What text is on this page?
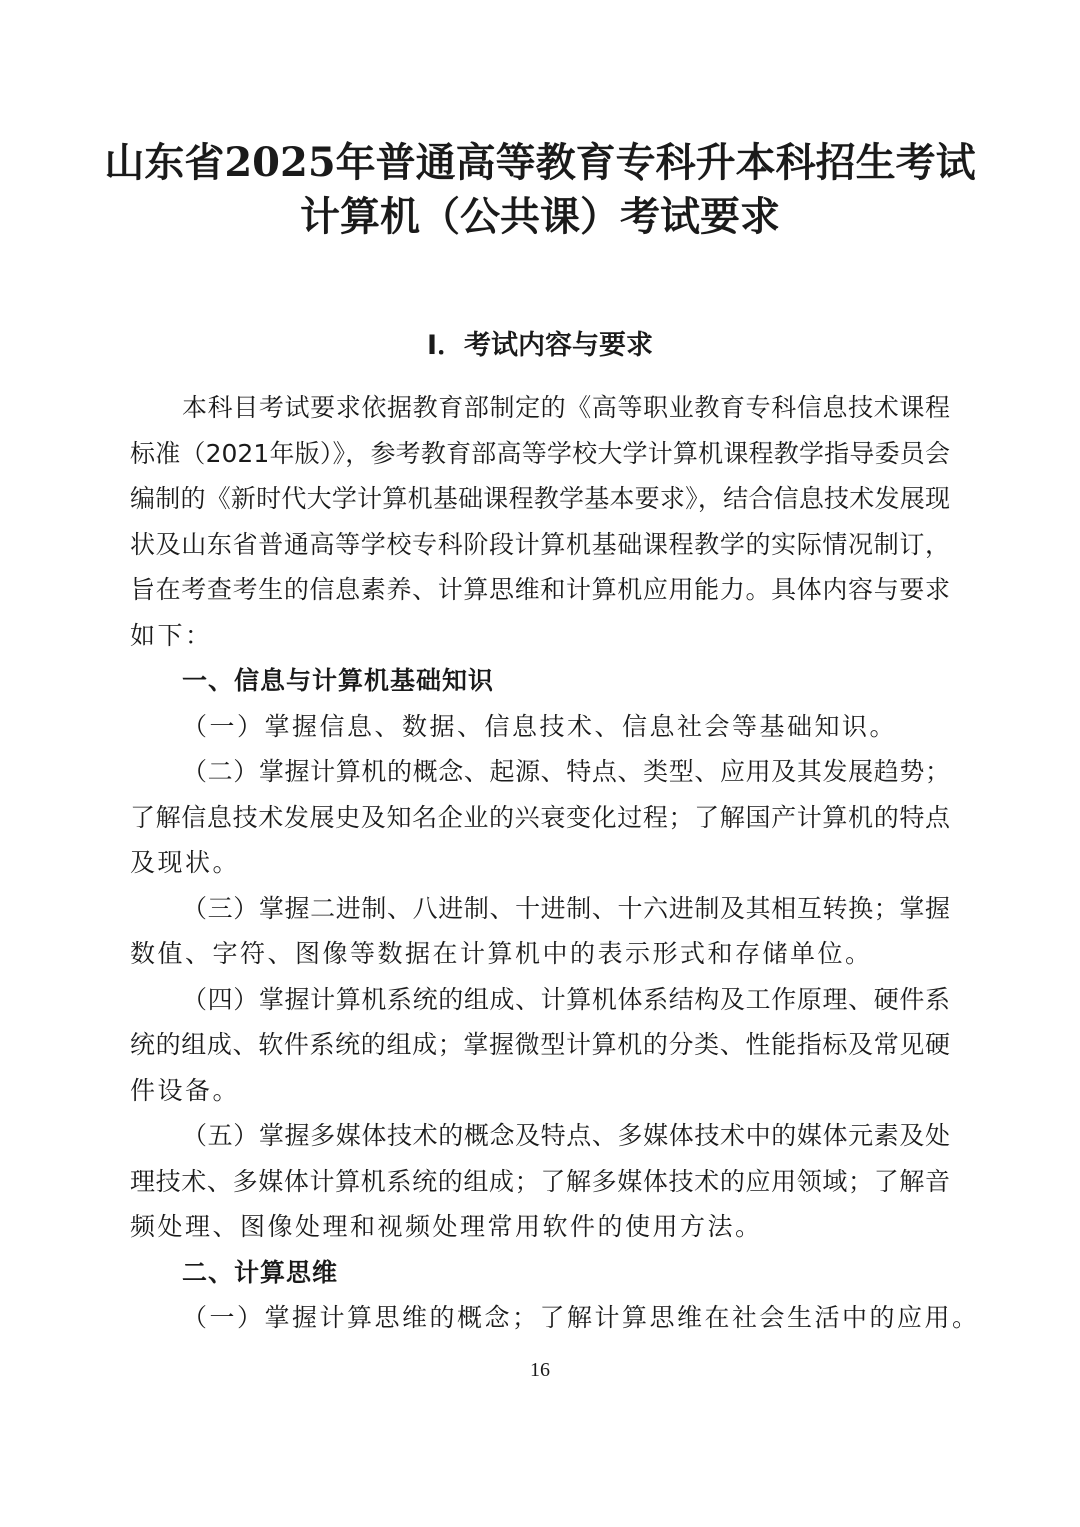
山东省2025年普通高等教育专科升本科招生考试
计算机（公共课）考试要求
Ⅰ．考试内容与要求
本科目考试要求依据教育部制定的《高等职业教育专科信息技术课程
标准（2021年版）》，参考教育部高等学校大学计算机课程教学指导委员会
编制的《新时代大学计算机基础课程教学基本要求》，结合信息技术发展现
状及山东省普通高等学校专科阶段计算机基础课程教学的实际情况制订，
旨在考查考生的信息素养、计算思维和计算机应用能力。具体内容与要求
如下：
一、信息与计算机基础知识
（一）掌握信息、数据、信息技术、信息社会等基础知识。
（二）掌握计算机的概念、起源、特点、类型、应用及其发展趋势；
了解信息技术发展史及知名企业的兴衰变化过程；了解国产计算机的特点
及现状。
（三）掌握二进制、八进制、十进制、十六进制及其相互转换；掌握
数值、字符、图像等数据在计算机中的表示形式和存储单位。
（四）掌握计算机系统的组成、计算机体系结构及工作原理、硬件系
统的组成、软件系统的组成；掌握微型计算机的分类、性能指标及常见硬
件设备。
（五）掌握多媒体技术的概念及特点、多媒体技术中的媒体元素及处
理技术、多媒体计算机系统的组成；了解多媒体技术的应用领域；了解音
频处理、图像处理和视频处理常用软件的使用方法。
二、计算思维
（一）掌握计算思维的概念；了解计算思维在社会生活中的应用。
16
